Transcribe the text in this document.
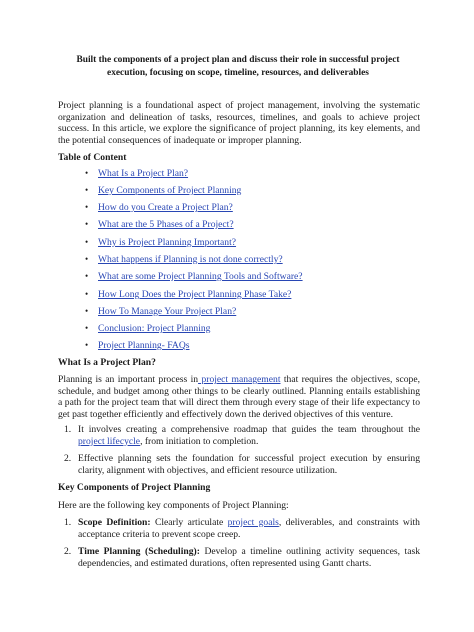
Built the components of a project plan and discuss their role in successful project execution, focusing on scope, timeline, resources, and deliverables

Project planning is a foundational aspect of project management, involving the systematic organization and delineation of tasks, resources, timelines, and goals to achieve project success. In this article, we explore the significance of project planning, its key elements, and the potential consequences of inadequate or improper planning.

Table of Content
• What Is a Project Plan?
• Key Components of Project Planning
• How do you Create a Project Plan?
• What are the 5 Phases of a Project?
• Why is Project Planning Important?
• What happens if Planning is not done correctly?
• What are some Project Planning Tools and Software?
• How Long Does the Project Planning Phase Take?
• How To Manage Your Project Plan?
• Conclusion: Project Planning
• Project Planning- FAQs
What Is a Project Plan?

Planning is an important process in project management that requires the objectives, scope, schedule, and budget among other things to be clearly outlined. Planning entails establishing a path for the project team that will direct them through every stage of their life expectancy to get past together efficiently and effectively down the derived objectives of this venture.

1. It involves creating a comprehensive roadmap that guides the team throughout the project lifecycle, from initiation to completion.
2. Effective planning sets the foundation for successful project execution by ensuring clarity, alignment with objectives, and efficient resource utilization.
Key Components of Project Planning
Here are the following key components of Project Planning:
1. Scope Definition: Clearly articulate project goals, deliverables, and constraints with acceptance criteria to prevent scope creep.
2. Time Planning (Scheduling): Develop a timeline outlining activity sequences, task dependencies, and estimated durations, often represented using Gantt charts.
